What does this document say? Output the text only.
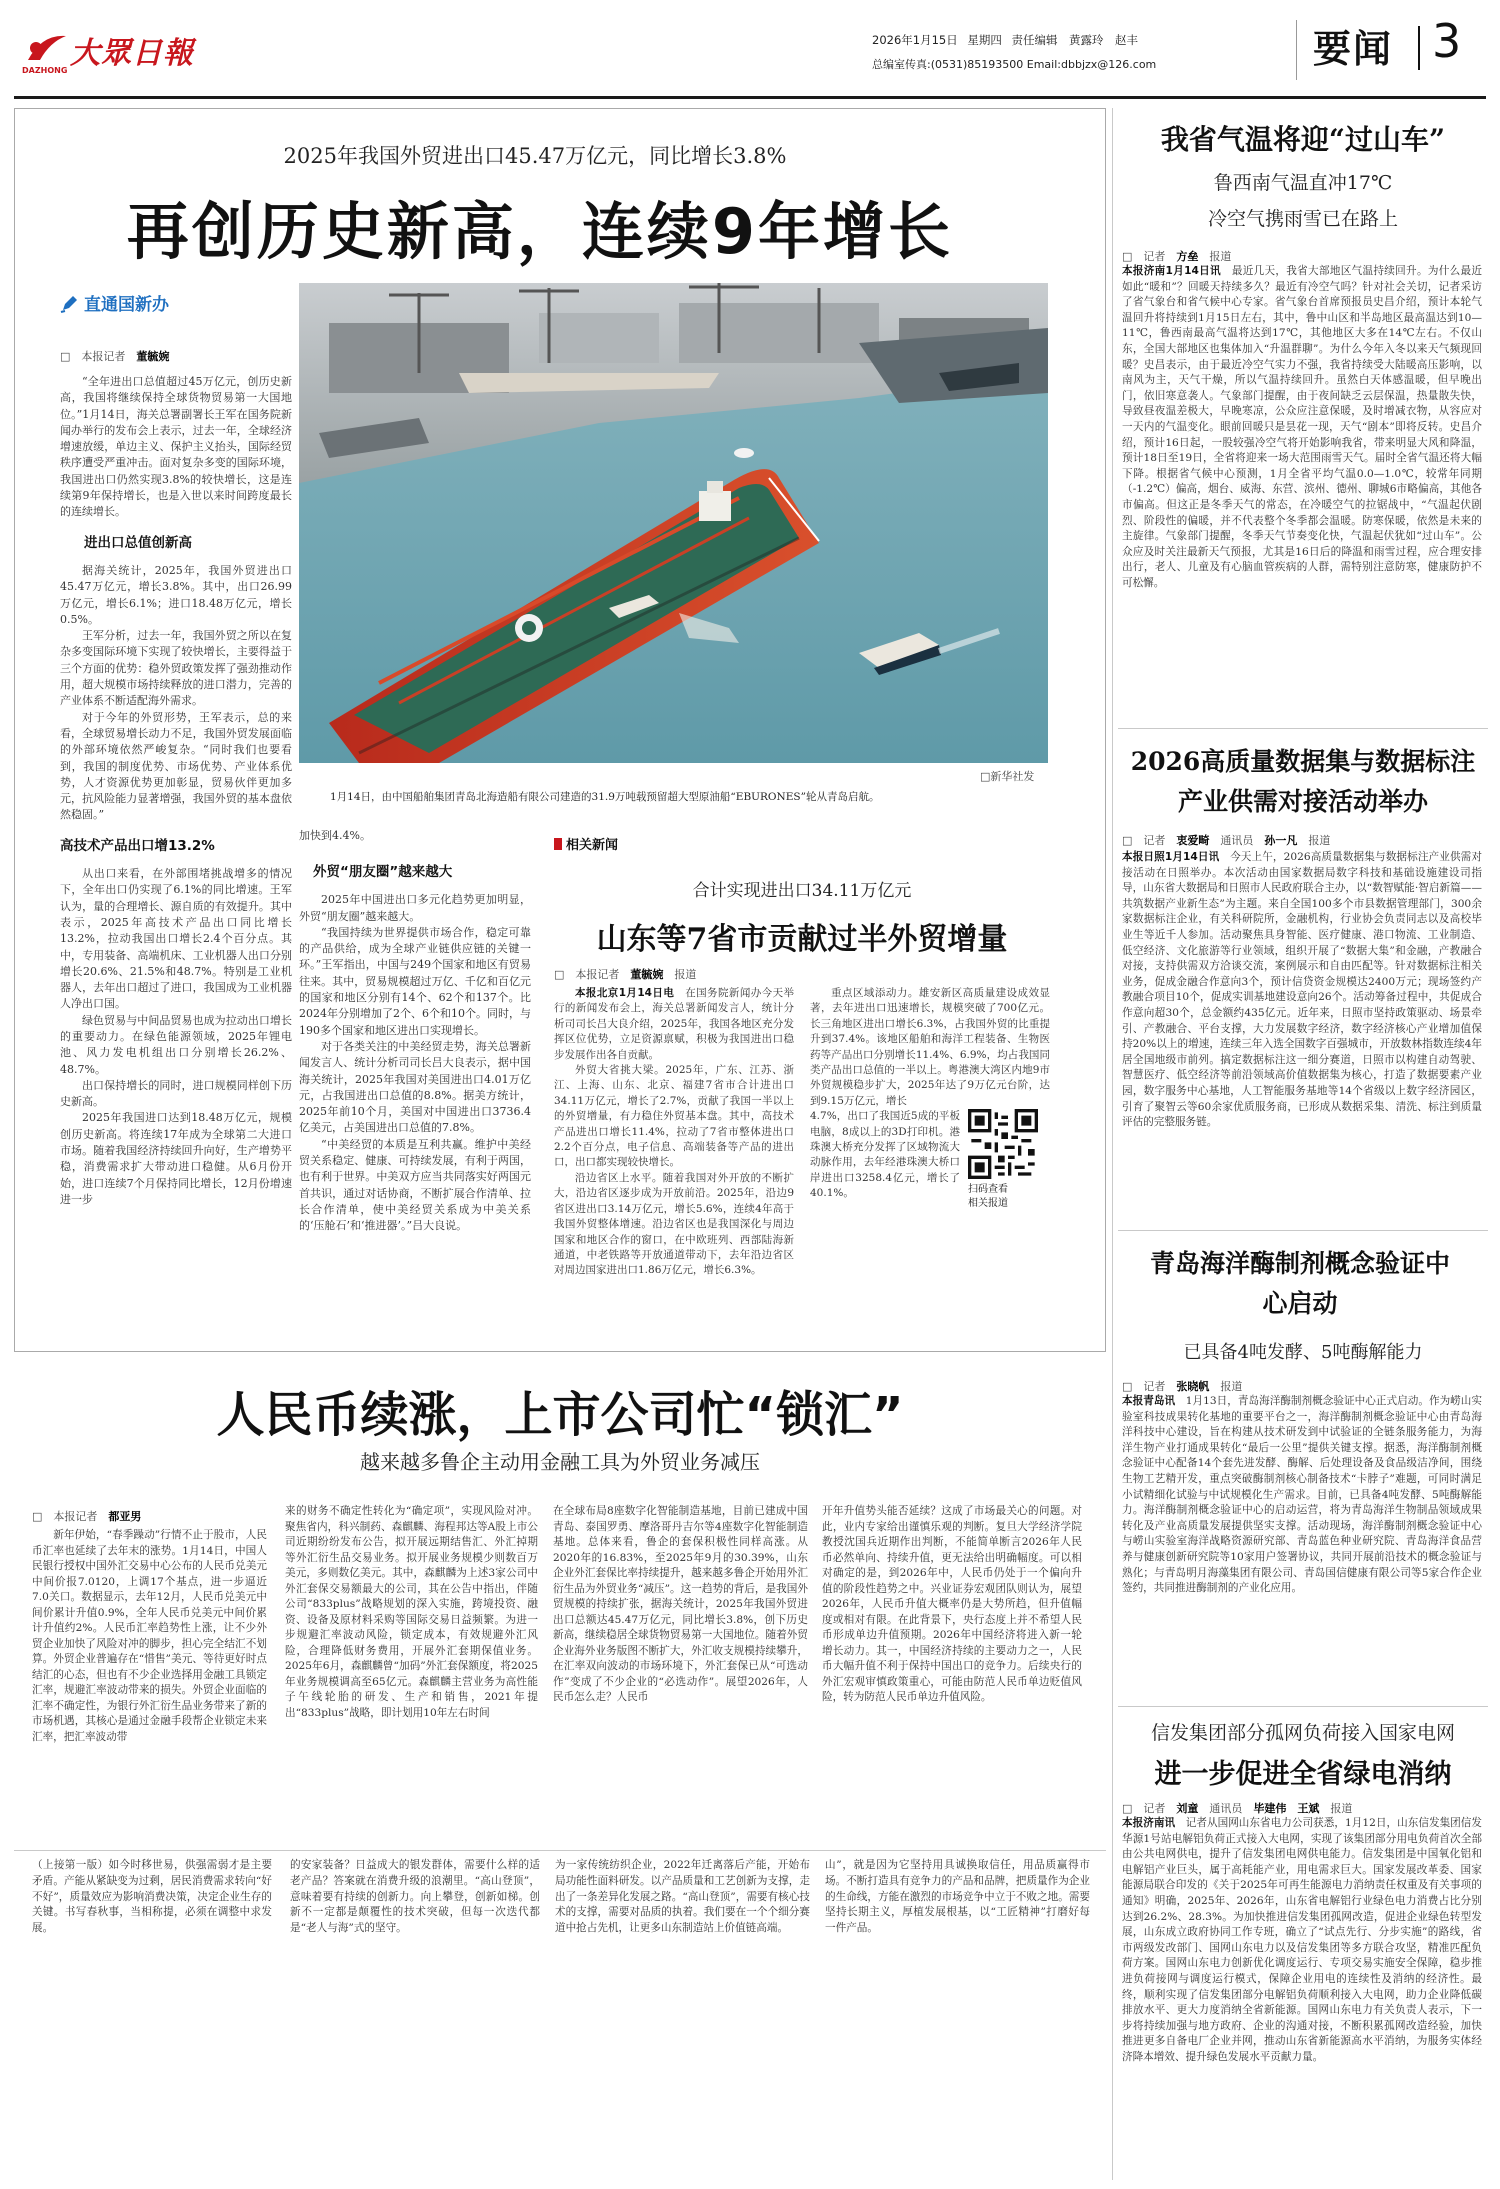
大眾日報
DAZHONG
2026年1月15日 星期四 责任编辑　黄露玲　赵丰
总编室传真:(0531)85193500 Email:dbbjzx@126.com	要闻 3
2025年我国外贸进出口45.47万亿元，同比增长3.8%
再创历史新高，连续9年增长
直通国新办
□　 本报记者　 董毓婉

“全年进出口总值超过45万亿元，创历史新高，我国将继续保持全球货物贸易第一大国地位。”1月14日，海关总署副署长王军在国务院新闻办举行的发布会上表示，过去一年，全球经济增速放缓，单边主义、保护主义抬头，国际经贸秩序遭受严重冲击。面对复杂多变的国际环境，我国进出口仍然实现3.8%的较快增长，这是连续第9年保持增长，也是入世以来时间跨度最长的连续增长。

进出口总值创新高

据海关统计，2025年，我国外贸进出口45.47万亿元，增长3.8%。其中，出口26.99万亿元，增长6.1%；进口18.48万亿元，增长0.5%。

王军分析，过去一年，我国外贸之所以在复杂多变国际环境下实现了较快增长，主要得益于三个方面的优势：稳外贸政策发挥了强劲推动作用，超大规模市场持续释放的进口潜力，完善的产业体系不断适配海外需求。

对于今年的外贸形势，王军表示，总的来看，全球贸易增长动力不足，我国外贸发展面临的外部环境依然严峻复杂。“同时我们也要看到，我国的制度优势、市场优势、产业体系优势，人才资源优势更加彰显，贸易伙伴更加多元，抗风险能力显著增强，我国外贸的基本盘依然稳固。”

高技术产品出口增13.2%

从出口来看，在外部围堵挑战增多的情况下，全年出口仍实现了6.1%的同比增速。王军认为，量的合理增长、源自质的有效提升。其中表示，2025年高技术产品出口同比增长13.2%，拉动我国出口增长2.4个百分点。其中，专用装备、高端机床、工业机器人出口分别增长20.6%、21.5%和48.7%。特别是工业机器人，去年出口超过了进口，我国成为工业机器人净出口国。

绿色贸易与中间品贸易也成为拉动出口增长的重要动力。在绿色能源领域，2025年锂电池、风力发电机组出口分别增长26.2%、48.7%。

出口保持增长的同时，进口规模同样创下历史新高。

2025年我国进口达到18.48万亿元，规模创历史新高。将连续17年成为全球第二大进口市场。随着我国经济持续回升向好，生产增势平稳，消费需求扩大带动进口稳健。从6月份开始，进口连续7个月保持同比增长，12月份增速进一步

□新华社发
1月14日，由中国船舶集团青岛北海造船有限公司建造的31.9万吨载预留超大型原油船“EBURONES”轮从青岛启航。

加快到4.4%。

外贸“朋友圈”越来越大

2025年中国进出口多元化趋势更加明显，外贸“朋友圈”越来越大。

“我国持续为世界提供市场合作，稳定可靠的产品供给，成为全球产业链供应链的关键一环。”王军指出，中国与249个国家和地区有贸易往来。其中，贸易规模超过万亿、千亿和百亿元的国家和地区分别有14个、62个和137个。比2024年分别增加了2个、6个和10个。同时，与190多个国家和地区进出口实现增长。

对于各类关注的中美经贸走势，海关总署新闻发言人、统计分析司司长吕大良表示，据中国海关统计，2025年我国对美国进出口4.01万亿元，占我国进出口总值的8.8%。据美方统计，2025年前10个月，美国对中国进出口3736.4亿美元，占美国进出口总值的7.8%。

“中美经贸的本质是互利共赢。维护中美经贸关系稳定、健康、可持续发展，有利于两国，也有利于世界。中美双方应当共同落实好两国元首共识，通过对话协商，不断扩展合作清单、拉长合作清单，使中美经贸关系成为中美关系的‘压舱石’和‘推进器’。”吕大良说。

相关新闻
合计实现进出口34.11万亿元
山东等7省市贡献过半外贸增量
□　 本报记者　 董毓婉　 报道

本报北京1月14日电　 在国务院新闻办今天举行的新闻发布会上，海关总署新闻发言人，统计分析司司长吕大良介绍，2025年，我国各地区充分发挥区位优势，立足资源禀赋，积极为我国进出口稳步发展作出各自贡献。

外贸大省挑大梁。2025年，广东、江苏、浙江、上海、山东、北京、福建7省市合计进出口34.11万亿元，增长了2.7%，贡献了我国一半以上的外贸增量，有力稳住外贸基本盘。其中，高技术产品进出口增长11.4%，拉动了7省市整体进出口2.2个百分点，电子信息、高端装备等产品的进出口，出口都实现较快增长。

沿边省区上水平。随着我国对外开放的不断扩大，沿边省区逐步成为开放前沿。2025年，沿边9省区进出口3.14万亿元，增长5.6%，连续4年高于我国外贸整体增速。沿边省区也是我国深化与周边国家和地区合作的窗口，在中欧班列、西部陆海新通道，中老铁路等开放通道带动下，去年沿边省区对周边国家进出口1.86万亿元，增长6.3%。

重点区域添动力。雄安新区高质量建设成效显著，去年进出口迅速增长，规模突破了700亿元。长三角地区进出口增长6.3%，占我国外贸的比重提升到37.4%。该地区船舶和海洋工程装备、生物医药等产品出口分别增长11.4%、6.9%，均占我国同类产品出口总值的一半以上。粤港澳大湾区内地9市外贸规模稳步扩大，2025年达了9万亿元台阶，达到9.15万亿元，增长

4.7%，出口了我国近5成的平板电脑，8成以上的3D打印机。港珠澳大桥充分发挥了区域物流大动脉作用，去年经港珠澳大桥口岸进出口3258.4亿元，增长了40.1%。	扫码查看
相关报道
人民币续涨，上市公司忙“锁汇”
越来越多鲁企主动用金融工具为外贸业务减压
□　 本报记者　 都亚男
新年伊始，“春季躁动”行情不止于股市，人民币汇率也延续了去年末的涨势。1月14日，中国人民银行授权中国外汇交易中心公布的人民币兑美元中间价报7.0120，上调17个基点，进一步逼近7.0关口。数据显示，去年12月，人民币兑美元中间价累计升值0.9%，全年人民币兑美元中间价累计升值约2%。人民币汇率趋势性上涨，让不少外贸企业加快了风险对冲的脚步，担心完全结汇不划算。外贸企业普遍存在“惜售”美元、等待更好时点结汇的心态，但也有不少企业选择用金融工具锁定汇率，规避汇率波动带来的损失。外贸企业面临的汇率不确定性，为银行外汇衍生品业务带来了新的市场机遇，其核心是通过金融手段帮企业锁定未来汇率，把汇率波动带
来的财务不确定性转化为“确定项”，实现风险对冲。聚焦省内，科兴制药、森麒麟、海程邦达等A股上市公司近期纷纷发布公告，拟开展远期结售汇、外汇掉期等外汇衍生品交易业务。拟开展业务规模少则数百万美元，多则数亿美元。其中，森麒麟为上述3家公司中外汇套保交易额最大的公司，其在公告中指出，伴随公司“833plus”战略规划的深入实施，跨境投资、融资、设备及原材料采购等国际交易日益频繁。为进一步规避汇率波动风险，锁定成本，有效规避外汇风险，合理降低财务费用，开展外汇套期保值业务。2025年6月，森麒麟曾“加码”外汇套保额度，将2025年业务规模调高至65亿元。森麒麟主营业务为高性能子午线轮胎的研发、生产和销售，2021年提出“833plus”战略，即计划用10年左右时间
在全球布局8座数字化智能制造基地，目前已建成中国青岛、泰国罗勇、摩洛哥丹吉尔等4座数字化智能制造基地。总体来看，鲁企的套保积极性同样高涨。从2020年的16.83%，至2025年9月的30.39%，山东企业外汇套保比率持续提升，越来越多鲁企开始用外汇衍生品为外贸业务“减压”。这一趋势的背后，是我国外贸规模的持续扩张，据海关统计，2025年我国外贸进出口总额达45.47万亿元，同比增长3.8%，创下历史新高，继续稳居全球货物贸易第一大国地位。随着外贸企业海外业务版图不断扩大，外汇收支规模持续攀升，在汇率双向波动的市场环境下，外汇套保已从“可选动作”变成了不少企业的“必选动作”。展望2026年，人民币怎么走？人民币
开年升值势头能否延续？这成了市场最关心的问题。对此，业内专家给出谨慎乐观的判断。复旦大学经济学院教授沈国兵近期作出判断，不能简单断言2026年人民币必然单向、持续升值，更无法给出明确幅度。可以相对确定的是，到2026年中，人民币仍处于一个偏向升值的阶段性趋势之中。兴业证券宏观团队则认为，展望2026年，人民币升值大概率仍是大势所趋，但升值幅度或相对有限。在此背景下，央行态度上并不希望人民币形成单边升值预期。2026年中国经济将进入新一轮增长动力。其一，中国经济持续的主要动力之一，人民币大幅升值不利于保持中国出口的竞争力。后续央行的外汇宏观审慎政策重心，可能由防范人民币单边贬值风险，转为防范人民币单边升值风险。
（上接第一版）如今时移世易，供强需弱才是主要矛盾。产能从紧缺变为过剩，居民消费需求转向“好不好”，质量效应为影响消费决策，决定企业生存的关键。书写春秋事，当相称提，必须在调整中求发展。
的安家装备？日益成大的银发群体，需要什么样的适老产品？答案就在消费升级的浪潮里。“高山登顶”，意味着要有持续的创新力。向上攀登，创新如梯。创新不一定都是颠覆性的技术突破，但每一次迭代都是“老人与海”式的坚守。
为一家传统纺织企业，2022年迁离落后产能，开始布局功能性面料研发。以产品质量和工艺创新为支撑，走出了一条差异化发展之路。“高山登顶”，需要有核心技术的支撑，需要对品质的执着。我们要在一个个细分赛道中抢占先机，让更多山东制造站上价值链高端。
山”，就是因为它坚持用具诚换取信任，用品质赢得市场。不断打造具有竞争力的产品和品牌，把质量作为企业的生命线，方能在激烈的市场竞争中立于不败之地。需要坚持长期主义，厚植发展根基，以“工匠精神”打磨好每一件产品。
我省气温将迎“过山车”
鲁西南气温直冲17℃
冷空气携雨雪已在路上
□　 记者　 方垒　 报道
本报济南1月14日讯　 最近几天，我省大部地区气温持续回升。为什么最近如此“暖和”？回暖天持续多久？最近有冷空气吗？针对社会关切，记者采访了省气象台和省气候中心专家。省气象台首席预报员史昌介绍，预计本轮气温回升将持续到1月15日左右，其中，鲁中山区和半岛地区最高温达到10—11℃，鲁西南最高气温将达到17℃，其他地区大多在14℃左右。不仅山东，全国大部地区也集体加入“升温群聊”。为什么今年入冬以来天气频现回暖？史昌表示，由于最近冷空气实力不强，我省持续受大陆暖高压影响，以南风为主，天气干燥，所以气温持续回升。虽然白天体感温暖，但早晚出门，依旧寒意袭人。气象部门提醒，由于夜间缺乏云层保温，热量散失快，导致昼夜温差极大，早晚寒凉，公众应注意保暖，及时增减衣物，从容应对一天内的气温变化。眼前回暖只是昙花一现，天气“剧本”即将反转。史昌介绍，预计16日起，一股较强冷空气将开始影响我省，带来明显大风和降温，预计18日至19日，全省将迎来一场大范围雨雪天气。届时全省气温还将大幅下降。根据省气候中心预测，1月全省平均气温0.0—1.0℃，较常年同期（-1.2℃）偏高，烟台、威海、东营、滨州、德州、聊城6市略偏高，其他各市偏高。但这正是冬季天气的常态，在冷暖空气的拉锯战中，“气温起伏剧烈、阶段性的偏暖，并不代表整个冬季都会温暖。防寒保暖，依然是未来的主旋律。气象部门提醒，冬季天气节奏变化快，气温起伏犹如“过山车”。公众应及时关注最新天气预报，尤其是16日后的降温和雨雪过程，应合理安排出行，老人、儿童及有心脑血管疾病的人群，需特别注意防寒，健康防护不可松懈。
2026高质量数据集与数据标注产业供需对接活动举办
□　 记者　 衷爱畸　 通讯员　 孙一凡　 报道
本报日照1月14日讯　 今天上午，2026高质量数据集与数据标注产业供需对接活动在日照举办。本次活动由国家数据局数字科技和基础设施建设司指导，山东省大数据局和日照市人民政府联合主办，以“数智赋能·智启新篇——共筑数据产业新生态”为主题。来自全国100多个市县数据管理部门，300余家数据标注企业，有关科研院所，金融机构，行业协会负责同志以及高校毕业生等近千人参加。活动聚焦具身智能、医疗健康、港口物流、工业制造、低空经济、文化旅游等行业领域，组织开展了“数据大集”和金融，产教融合对接，支持供需双方洽谈交流，案例展示和自由匹配等。针对数据标注相关业务，促成金融合作意向3个，预计信贷资金规模达2400万元；现场签约产教融合项目10个，促成实训基地建设意向26个。活动筹备过程中，共促成合作意向超30个，总金额约435亿元。近年来，日照市坚持政策驱动、场景牵引、产教融合、平台支撑，大力发展数字经济，数字经济核心产业增加值保持20%以上的增速，连续三年入选全国数字百强城市，开放数林指数连续4年居全国地级市前列。搞定数据标注这一细分赛道，日照市以构建自动驾驶、智慧医疗、低空经济等前沿领域高价值数据集为核心，打造了数据要素产业园，数字服务中心基地，人工智能服务基地等14个省级以上数字经济园区，引育了聚智云等60余家优质服务商，已形成从数据采集、清洗、标注到质量评估的完整服务链。
青岛海洋酶制剂概念验证中心启动
已具备4吨发酵、5吨酶解能力
□　 记者　 张晓帆　 报道
本报青岛讯　 1月13日，青岛海洋酶制剂概念验证中心正式启动。作为崂山实验室科技成果转化基地的重要平台之一，海洋酶制剂概念验证中心由青岛海洋科技中心建设，旨在构建从技术研发到中试验证的全链条服务能力，为海洋生物产业打通成果转化“最后一公里”提供关键支撑。据悉，海洋酶制剂概念验证中心配备14个套先进发酵、酶解、后处理设备及食品级洁净间，围绕生物工艺精开发，重点突破酶制剂核心制备技术“卡脖子”难题，可同时满足小试精细化试验与中试规模化生产需求。目前，已具备4吨发酵、5吨酶解能力。海洋酶制剂概念验证中心的启动运营，将为青岛海洋生物制品领域成果转化及产业高质量发展提供坚实支撑。活动现场，海洋酶制剂概念验证中心与崂山实验室海洋战略资源研究部、青岛蓝色种业研究院、青岛海洋食品营养与健康创新研究院等10家用户签署协议，共同开展前沿技术的概念验证与熟化；与青岛明月海藻集团有限公司、青岛国信健康有限公司等5家合作企业签约，共同推进酶制剂的产业化应用。
信发集团部分孤网负荷接入国家电网
进一步促进全省绿电消纳
□　 记者　 刘童　 通讯员　 毕建伟　王斌　 报道
本报济南讯　 记者从国网山东省电力公司获悉，1月12日，山东信发集团信发华源1号站电解铝负荷正式接入大电网，实现了该集团部分用电负荷首次全部由公共电网供电，提升了信发集团电网供电能力。信发集团是中国氧化铝和电解铝产业巨头，属于高耗能产业，用电需求巨大。国家发展改革委、国家能源局联合印发的《关于2025年可再生能源电力消纳责任权重及有关事项的通知》明确，2025年、2026年，山东省电解铝行业绿色电力消费占比分别达到26.2%、28.3%。为加快推进信发集团孤网改造，促进企业绿色转型发展，山东成立政府协同工作专班，确立了“试点先行、分步实施”的路线，省市两级发改部门、国网山东电力以及信发集团等多方联合攻坚，精准匹配负荷方案。国网山东电力创新优化调度运行、专项交易实施安全保障，稳步推进负荷接网与调度运行模式，保障企业用电的连续性及消纳的经济性。最终，顺利实现了信发集团部分电解铝负荷顺利接入大电网，助力企业降低碳排放水平、更大力度消纳全省新能源。国网山东电力有关负责人表示，下一步将持续加强与地方政府、企业的沟通对接，不断积累孤网改造经验，加快推进更多自备电厂企业并网，推动山东省新能源高水平消纳，为服务实体经济降本增效、提升绿色发展水平贡献力量。
